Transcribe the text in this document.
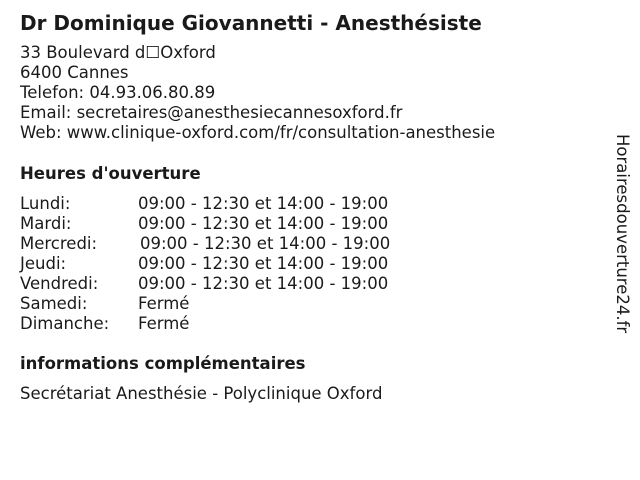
Dr Dominique Giovannetti - Anesthésiste
33 Boulevard d☐Oxford
6400 Cannes
Telefon: 04.93.06.80.89
Email: secretaires@anesthesiecannesoxford.fr
Web: www.clinique-oxford.com/fr/consultation-anesthesie
Heures d'ouverture
Lundi:	09:00 - 12:30 et 14:00 - 19:00
Mardi:	09:00 - 12:30 et 14:00 - 19:00
Mercredi:	09:00 - 12:30 et 14:00 - 19:00
Jeudi:	09:00 - 12:30 et 14:00 - 19:00
Vendredi: 09:00 - 12:30 et 14:00 - 19:00
Samedi:	Fermé
Dimanche: Fermé
informations complémentaires
Secrétariat Anesthésie - Polyclinique Oxford
Horairesdouverture24.fr
